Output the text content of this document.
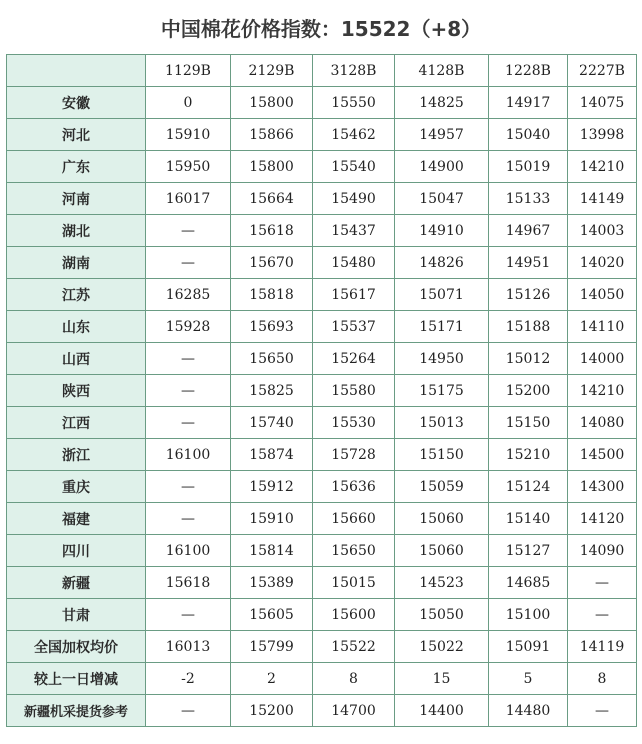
中国棉花价格指数：15522（+8）
	1129B	2129B	3128B	4128B	1228B	2227B
安徽	0	15800	15550	14825	14917	14075
河北	15910	15866	15462	14957	15040	13998
广东	15950	15800	15540	14900	15019	14210
河南	16017	15664	15490	15047	15133	14149
湖北	—	15618	15437	14910	14967	14003
湖南	—	15670	15480	14826	14951	14020
江苏	16285	15818	15617	15071	15126	14050
山东	15928	15693	15537	15171	15188	14110
山西	—	15650	15264	14950	15012	14000
陕西	—	15825	15580	15175	15200	14210
江西	—	15740	15530	15013	15150	14080
浙江	16100	15874	15728	15150	15210	14500
重庆	—	15912	15636	15059	15124	14300
福建	—	15910	15660	15060	15140	14120
四川	16100	15814	15650	15060	15127	14090
新疆	15618	15389	15015	14523	14685	—
甘肃	—	15605	15600	15050	15100	—
全国加权均价	16013	15799	15522	15022	15091	14119
较上一日增减	-2	2	8	15	5	8
新疆机采提货参考	—	15200	14700	14400	14480	—
